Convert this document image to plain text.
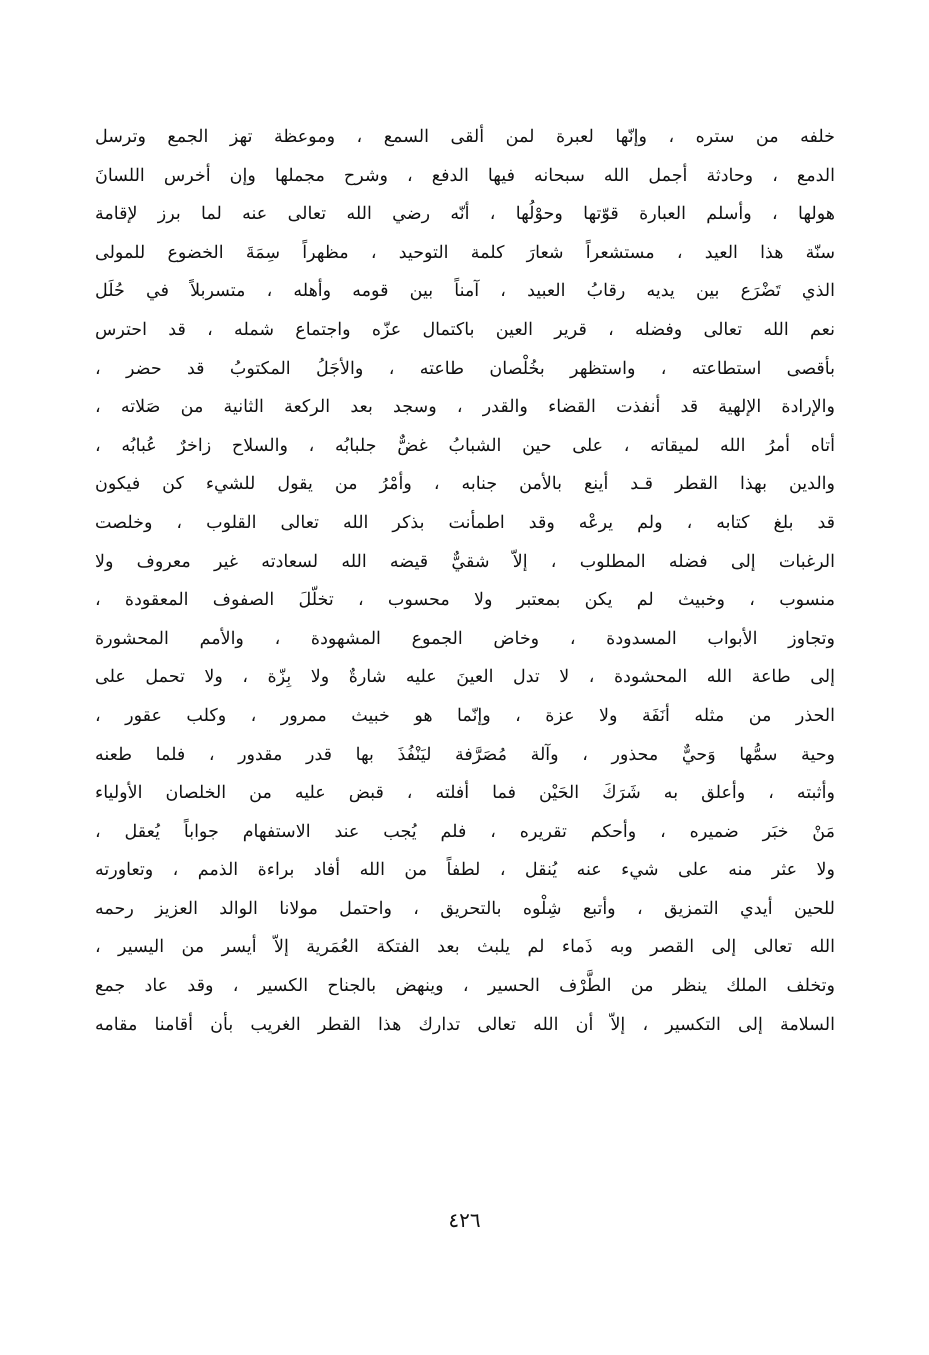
خلفه من ستره ، وإنّها لعبرة لمن ألقى السمع ، وموعظة تهز الجمع وترسل
الدمع ، وحادثة أجمل الله سبحانه فيها الدفع ، وشرح مجملها وإن أخرس اللسانَ
هولها ، وأسلم العبارة قوّتها وحوْلُها ، أنّه رضي الله تعالى عنه لما برز لإقامة
سنّة هذا العيد ، مستشعراً شعارَ كلمة التوحيد ، مظهراً سِمَةَ الخضوع للمولى
الذي تَضْرَع بين يديه رقابُ العبيد ، آمناً بين قومه وأهله ، متسربلاً في حُلَل
نعم الله تعالى وفضله ، قرير العين باكتمال عزّه واجتماع شمله ، قد احترس
بأقصى استطاعته ، واستظهر بخُلْصان طاعته ، والأجَلُ المكتوبُ قد حضر ،
والإرادة الإلهية قد أنفذت القضاء والقدر ، وسجد بعد الركعة الثانية من صَلاته ،
أتاه أمرُ الله لميقاته ، على حين الشبابُ غضٌّ جلبابُه ، والسلاح زاخرٌ عُبابُه ،
والدين بهذا القطر قـد أينع بالأمن جنابه ، وأمْرُ من يقول للشيء كن فيكون
قد بلغ كتابه ، ولم يرعْه وقد اطمأنت بذكر الله تعالى القلوب ، وخلصت
الرغبات إلى فضله المطلوب ، إلاّ شقيٌّ قيضه الله لسعادته غير معروف ولا
منسوب ، وخبيث لم يكن بمعتبر ولا محسوب ، تخلّلَ الصفوف المعقودة ،
وتجاوز الأبواب المسدودة ، وخاض الجموع المشهودة ، والأمم المحشورة
إلى طاعة الله المحشودة ، لا تدل العينَ عليه شارةٌ ولا بِزّة ، ولا تحمل على
الحذر من مثله أنَفَة ولا عزة ، وإنّما هو خبيث ممرور ، وكلب عقور ،
وحية سمُّها وَحيٌّ محذور ، وآلة مُصَرَّفة ليَنْفُذَ بها قدر مقدور ، فلما طعنه
وأثبته ، وأعلق به شَرَكَ الحَيْن فما أفلته ، قبض عليه من الخلصان الأولياء
مَنْ خبَر ضميره ، وأحكم تقريره ، فلم يُجب عند الاستفهام جواباً يُعقل ،
ولا عثر منه على شيء عنه يُنقل ، لطفاً من الله أفاد براءة الذمم ، وتعاورته
للحين أيدي التمزيق ، وأتبع شِلْوه بالتحريق ، واحتمل مولانا الوالد العزيز رحمه
الله تعالى إلى القصر وبه ذَماء لم يلبث بعد الفتكة العُمَرية إلاّ أيسر من اليسير ،
وتخلف الملك ينظر من الطَّرْف الحسير ، وينهض بالجناح الكسير ، وقد عاد جمع
السلامة إلى التكسير ، إلاّ أن الله تعالى تدارك هذا القطر الغريب بأن أقامنا مقامه
٤٢٦
